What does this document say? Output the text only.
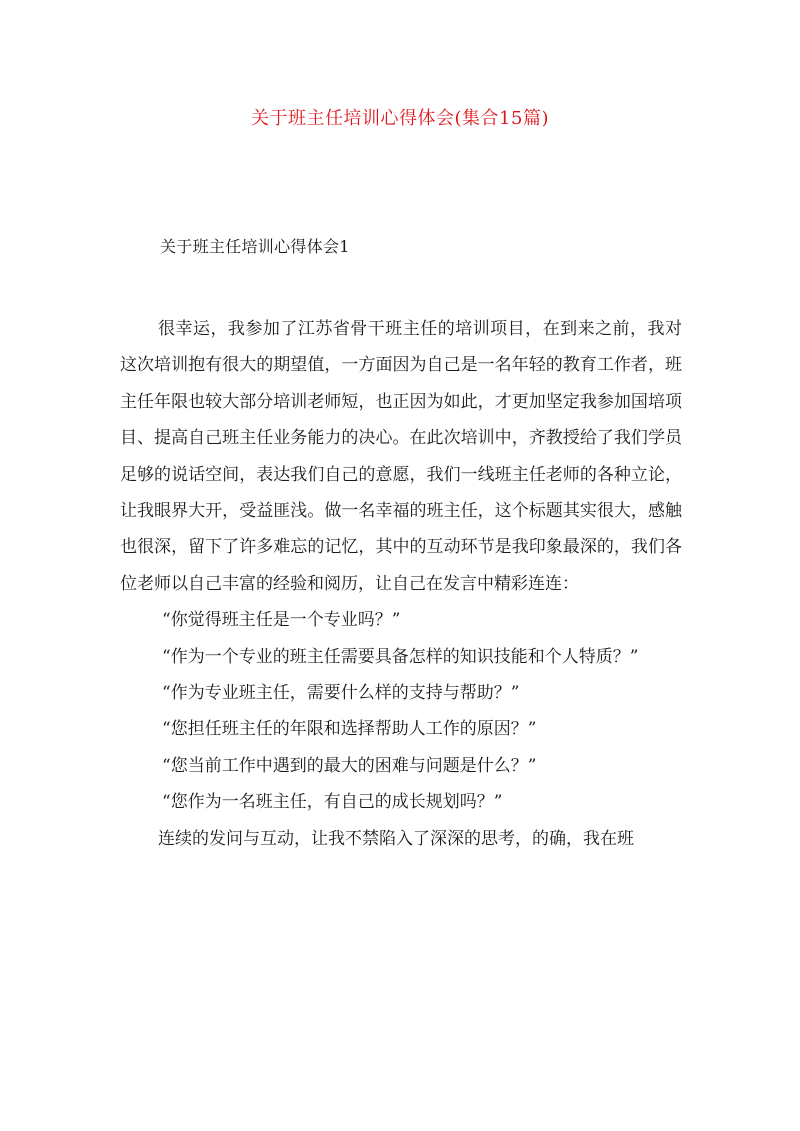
关于班主任培训心得体会(集合15篇)
关于班主任培训心得体会1

很幸运，我参加了江苏省骨干班主任的培训项目，在到来之前，我对这次培训抱有很大的期望值，一方面因为自己是一名年轻的教育工作者，班主任年限也较大部分培训老师短，也正因为如此，才更加坚定我参加国培项目、提高自己班主任业务能力的决心。在此次培训中，齐教授给了我们学员足够的说话空间，表达我们自己的意愿，我们一线班主任老师的各种立论，让我眼界大开，受益匪浅。做一名幸福的班主任，这个标题其实很大，感触也很深，留下了许多难忘的记忆，其中的互动环节是我印象最深的，我们各位老师以自己丰富的经验和阅历，让自己在发言中精彩连连：

“你觉得班主任是一个专业吗？”

“作为一个专业的班主任需要具备怎样的知识技能和个人特质？”

“作为专业班主任，需要什么样的支持与帮助？”

“您担任班主任的年限和选择帮助人工作的原因？”

“您当前工作中遇到的最大的困难与问题是什么？”

“您作为一名班主任，有自己的成长规划吗？”

连续的发问与互动，让我不禁陷入了深深的思考，的确，我在班
